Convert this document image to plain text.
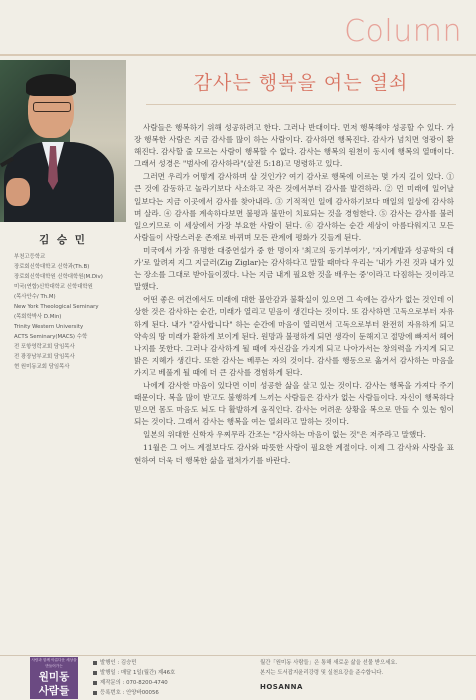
Column
감사는 행복을 여는 열쇠
김 승 민
부천고등학교
장로회신학대학교 신학과(Th.B)
장로회신학대학원 신학대학원(M.Div)
미국(연합)신학대학교 신학대학원
(목사안수/ Th.M)
New York Theological Seminary
(목회학박사 D.Min)
Trinity Western University
ACTS Seminary(MACS) 수학
전 포항영락교회 담임목사
전 광장남부교회 담임목사
현 원미동교회 담임목사

사람들은 행복하기 위해 성공하려고 한다. 그러나 반대이다. 먼저 행복해야 성공할 수 있다. 가장 행복한 사람은 지금 감사를 많이 하는 사람이다. 감사하면 행복진다. 감사가 넘치면 영광이 환해진다. 감사할 줄 모르는 사람이 행복할 수 없다. 감사는 행복의 원천이 동시에 행복의 열매이다. 그래서 성경은 "범사에 감사하라"(살전 5:18)고 명령하고 있다.

그러면 우리가 어떻게 감사하며 살 것인가? 여기 감사로 행복에 이르는 몇 가지 길이 있다. ① 큰 것에 감동하고 놀라기보다 사소하고 작은 것에서부터 감사를 발견하라. ② 먼 미래에 일어날 일보다는 지금 이곳에서 감사를 찾아내라. ③ 기적적인 일에 감사하기보다 매일의 일상에 감사하며 살라. ④ 감사를 계속하다보면 불평과 불만이 치료되는 것을 경험한다. ⑤ 감사는 감사를 불러일으키므로 이 세상에서 가장 부요한 사람이 된다. ⑥ 감사하는 순간 세상이 아름다워지고 모든 사람들이 사랑스러운 존재로 바뀌며 모든 관계에 평화가 깃들게 된다.

미국에서 가장 유명한 대중연설가 중 한 명이자 '최고의 동기부여가', '자기계발과 성공학의 대가'로 알려져 지그 지글러(Zig Ziglar)는 감사하다고 말할 때마다 우리는 '내가 가진 것과 내가 있는 장소를 그대로 받아들이겠다. 나는 지금 내게 필요한 것을 배우는 중'이라고 다짐하는 것이라고 말했다.

어떤 좋은 여건에서도 미래에 대한 불안감과 불확실이 있으면 그 속에는 감사가 없는 것인데 이상한 것은 감사하는 순간, 미래가 열리고 믿음이 생긴다는 것이다. 또 감사하면 고독으로부터 자유하게 된다. 내가 "감사합니다" 하는 순간에 마음이 열리면서 고독으로부터 완전히 자유하게 되고 약속의 땅 미래가 환하게 보이게 된다. 원망과 불평하게 되면 생각이 둔해지고 절망에 빠져서 헤어나지를 못한다. 그러나 감사하게 될 때에 자신감을 가지게 되고 나아가서는 창의력을 가지게 되고 밝은 지혜가 생긴다. 또한 감사는 베푸는 자의 것이다. 감사를 행동으로 옮겨서 감사하는 마음을 가지고 베풀게 될 때에 더 큰 감사를 경험하게 된다.

나에게 감사한 마음이 있다면 이미 성공한 삶을 살고 있는 것이다. 감사는 행복을 가져다 주기 때문이다. 복을 많이 받고도 불행하게 느끼는 사람들은 감사가 없는 사람들이다. 자신이 행복하다 믿으면 몸도 마음도 뇌도 다 활발하게 움직인다. 감사는 어려운 상황을 복으로 만들 수 있는 힘이 되는 것이다. 그래서 감사는 행복을 여는 열쇠라고 말하는 것이다.

일본의 위대한 신학자 우찌무라 간조는 "감사하는 마음이 없는 것"은 저주라고 말했다.

11월은 그 어느 계절보다도 감사와 따뜻한 사랑이 필요한 계절이다. 이제 그 감사와 사랑을 표현하여 더욱 더 행복한 삶을 펼쳐가기를 바란다.

사람과 함께 아름다운 세상을 만들어가는
원미동
사람들
발행인 : 김승민
발행일 : 매달 1일(월간) 제46호
제작문의 : 070-8200-4740
등록번호 : 안양바00056
월간「원미동 사람들」은 통해 새로운 삶을 선물 받으세요.
본지는 도서잡지윤리강령 및 실천요강을 준수합니다.
HOSANNA
